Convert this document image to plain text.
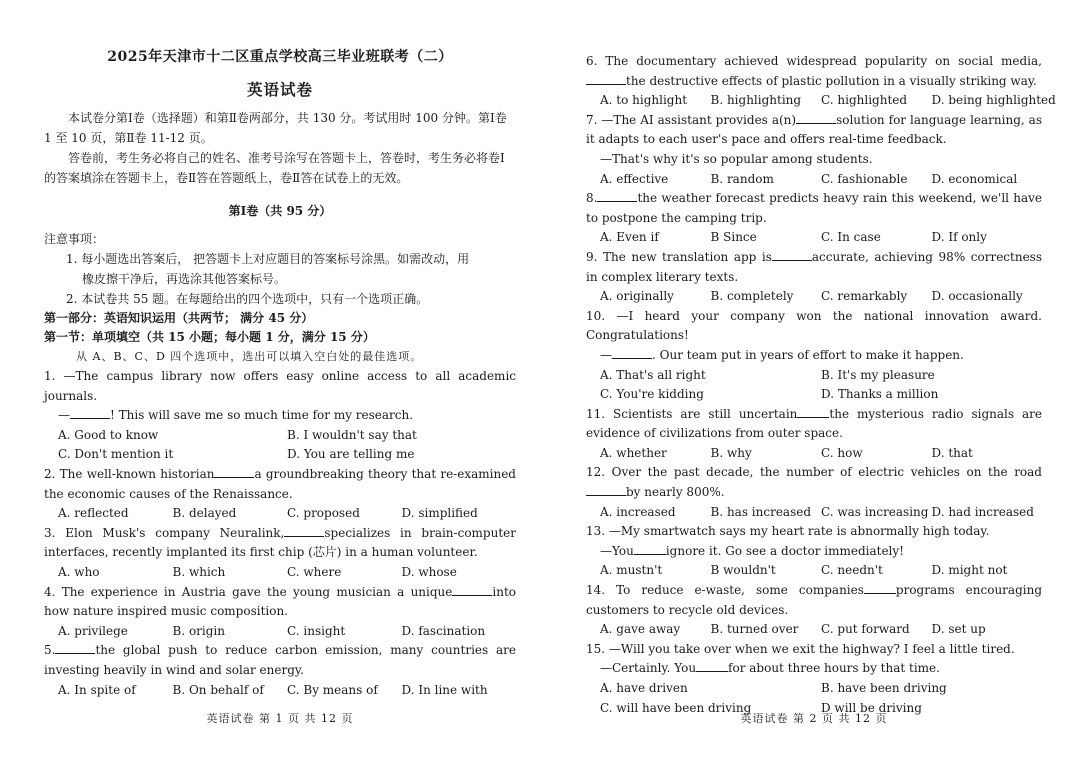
2025年天津市十二区重点学校高三毕业班联考（二）

英语试卷

本试卷分第Ⅰ卷（选择题）和第Ⅱ卷两部分，共 130 分。考试用时 100 分钟。第Ⅰ卷 1 至 10 页，第Ⅱ卷 11-12 页。

答卷前，考生务必将自己的姓名、准考号涂写在答题卡上，答卷时，考生务必将卷Ⅰ的答案填涂在答题卡上，卷Ⅱ答在答题纸上，卷Ⅱ答在试卷上的无效。

第Ⅰ卷（共 95 分）

注意事项：

1. 每小题选出答案后， 把答题卡上对应题目的答案标号涂黑。如需改动，用

橡皮擦干净后，再选涂其他答案标号。

2. 本试卷共 55 题。在每题给出的四个选项中，只有一个选项正确。

第一部分：英语知识运用（共两节； 满分 45 分）

第一节：单项填空（共 15 小题；每小题 1 分，满分 15 分）

从 A、B、C、D 四个选项中，选出可以填入空白处的最佳选项。

1. —The campus library now offers easy online access to all academic journals.

—	! This will save me so much time for my research.

A. Good to know	B. I wouldn't say that
C. Don't mention it	D. You are telling me

2. The well-known historian	a groundbreaking theory that re-examined the economic causes of the Renaissance.

A. reflected	B. delayed	C. proposed	D. simplified

3. Elon Musk's company Neuralink,	specializes in brain-computer interfaces, recently implanted its first chip (芯片) in a human volunteer.

A. who	B. which	C. where	D. whose

4. The experience in Austria gave the young musician a unique	into how nature inspired music composition.

A. privilege	B. origin	C. insight	D. fascination

5.	the global push to reduce carbon emission, many countries are investing heavily in wind and solar energy.

A. In spite of	B. On behalf of	C. By means of	D. In line with
英语试卷 第 1 页 共 12 页

6. The documentary achieved widespread popularity on social media,the destructive effects of plastic pollution in a visually striking way.

A. to highlight	B. highlighting	C. highlighted	D. being highlighted

7. —The AI assistant provides a(n)	solution for language learning, as it adapts to each user's pace and offers real-time feedback.

—That's why it's so popular among students.

A. effective	B. random	C. fashionable	D. economical

8.	the weather forecast predicts heavy rain this weekend, we'll have to postpone the camping trip.

A. Even if	B Since	C. In case	D. If only

9. The new translation app is	accurate, achieving 98% correctness in complex literary texts.

A. originally	B. completely	C. remarkably	D. occasionally

10. —I heard your company won the national innovation award. Congratulations!

—	. Our team put in years of effort to make it happen.

A. That's all right	B. It's my pleasure
C. You're kidding	D. Thanks a million

11. Scientists are still uncertain	the mysterious radio signals are evidence of civilizations from outer space.

A. whether	B. why	C. how	D. that

12. Over the past decade, the number of electric vehicles on the roadby nearly 800%.

A. increased	B. has increased C. was increasing D. had increased

13. —My smartwatch says my heart rate is abnormally high today.

—You	ignore it. Go see a doctor immediately!

A. mustn't	B wouldn't	C. needn't	D. might not

14. To reduce e-waste, some companies	programs encouraging customers to recycle old devices.

A. gave away	B. turned over	C. put forward	D. set up

15. —Will you take over when we exit the highway? I feel a little tired.

—Certainly. You	for about three hours by that time.

A. have driven	B. have been driving
C. will have been driving	D will be driving
英语试卷 第 2 页 共 12 页
